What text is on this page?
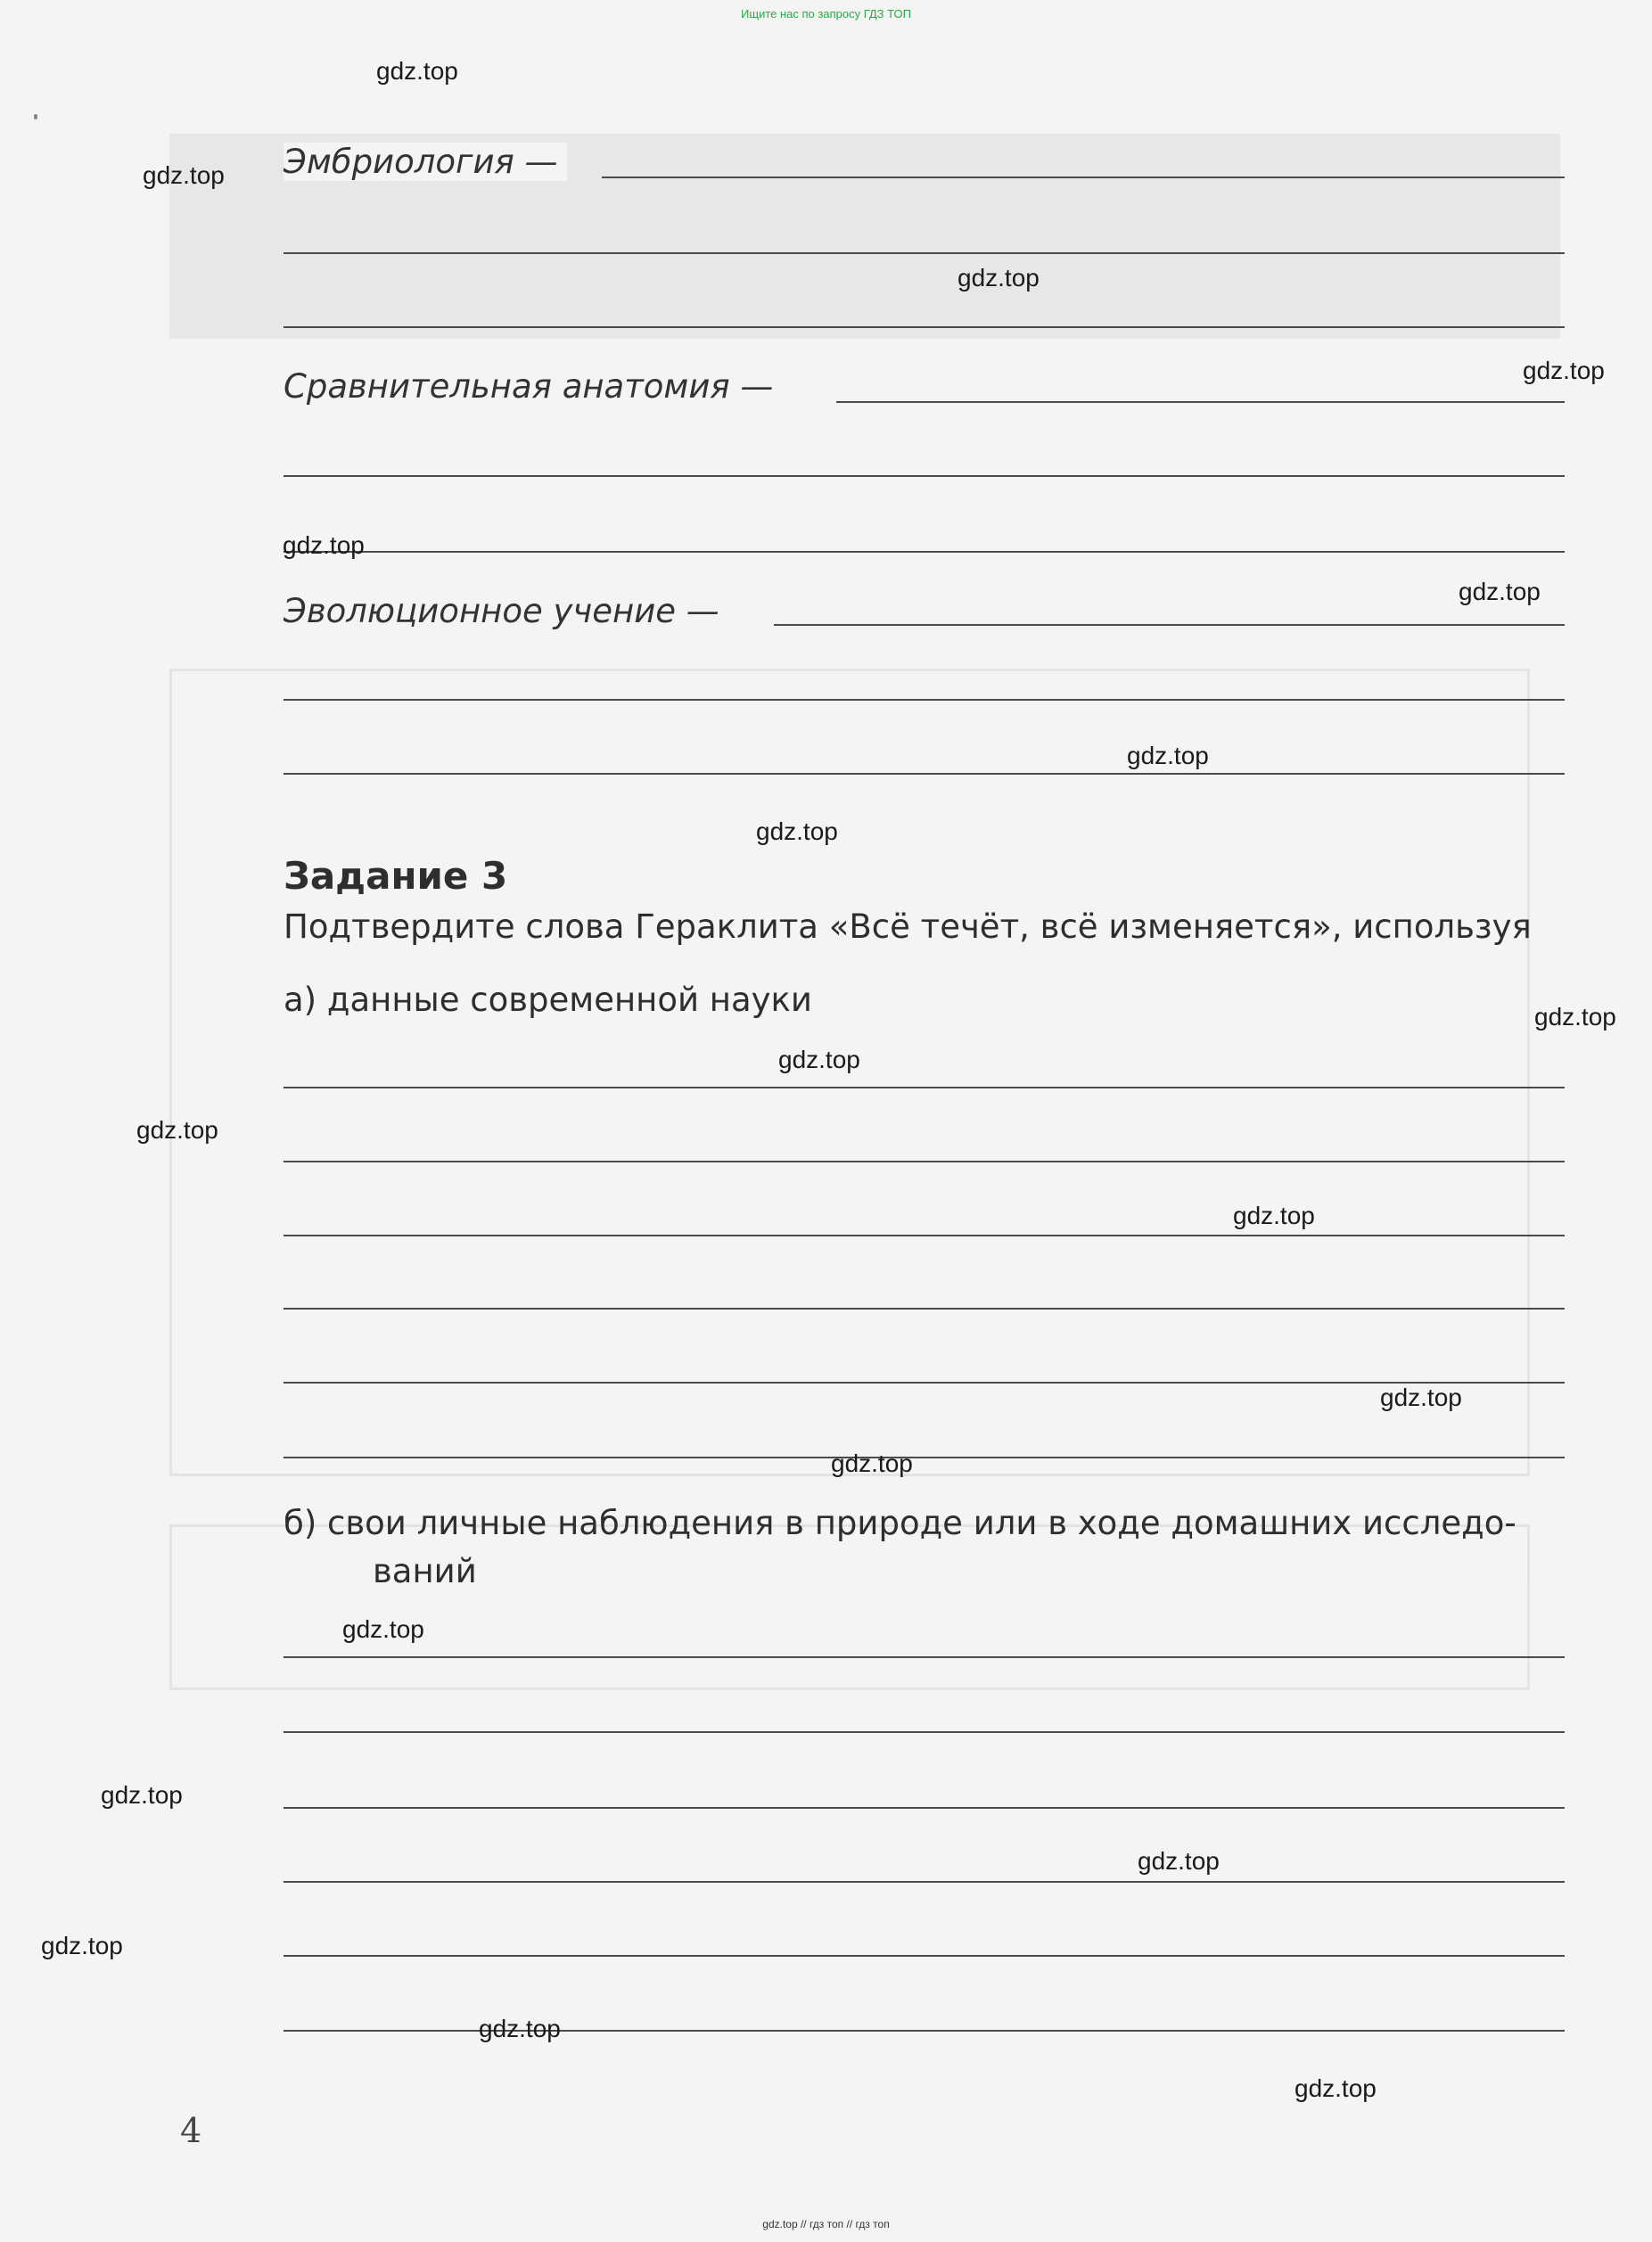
Ищите нас по запросу ГДЗ ТОП
Эмбриология —
Сравнительная анатомия —
Эволюционное учение —
Задание 3
Подтвердите слова Гераклита «Всё течёт, всё изменяется», используя
а) данные современной науки
б) свои личные наблюдения в природе или в ходе домашних исследо-
ваний
4
gdz.top
gdz.top
gdz.top
gdz.top
gdz.top
gdz.top
gdz.top
gdz.top
gdz.top
gdz.top
gdz.top
gdz.top
gdz.top
gdz.top
gdz.top
gdz.top
gdz.top
gdz.top
gdz.top
gdz.top
gdz.top // гдз топ // гдз топ
